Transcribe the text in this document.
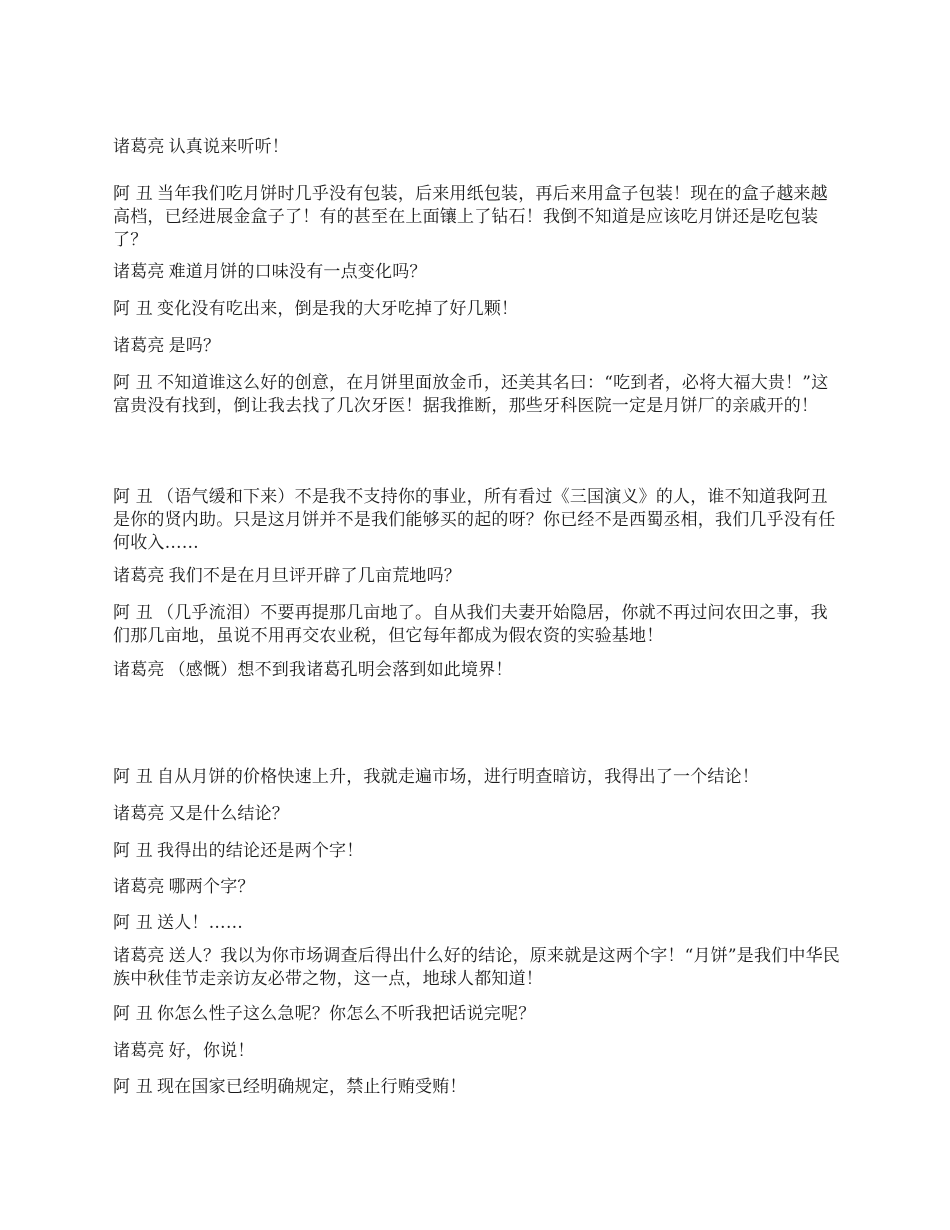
诸葛亮 认真说来听听！

阿 丑 当年我们吃月饼时几乎没有包装，后来用纸包装，再后来用盒子包装！现在的盒子越来越高档，已经进展金盒子了！有的甚至在上面镶上了钻石！我倒不知道是应该吃月饼还是吃包装了？

诸葛亮 难道月饼的口味没有一点变化吗？

阿 丑 变化没有吃出来，倒是我的大牙吃掉了好几颗！

诸葛亮 是吗？

阿 丑 不知道谁这么好的创意，在月饼里面放金币，还美其名曰：“吃到者，必将大福大贵！”这富贵没有找到，倒让我去找了几次牙医！据我推断，那些牙科医院一定是月饼厂的亲戚开的！

阿 丑 （语气缓和下来）不是我不支持你的事业，所有看过《三国演义》的人，谁不知道我阿丑是你的贤内助。只是这月饼并不是我们能够买的起的呀？你已经不是西蜀丞相，我们几乎没有任何收入……

诸葛亮 我们不是在月旦评开辟了几亩荒地吗？

阿 丑 （几乎流泪）不要再提那几亩地了。自从我们夫妻开始隐居，你就不再过问农田之事，我们那几亩地，虽说不用再交农业税，但它每年都成为假农资的实验基地！

诸葛亮 （感慨）想不到我诸葛孔明会落到如此境界！

阿 丑 自从月饼的价格快速上升，我就走遍市场，进行明查暗访，我得出了一个结论！

诸葛亮 又是什么结论？

阿 丑 我得出的结论还是两个字！

诸葛亮 哪两个字？

阿 丑 送人！……

诸葛亮 送人？我以为你市场调查后得出什么好的结论，原来就是这两个字！“月饼”是我们中华民族中秋佳节走亲访友必带之物，这一点，地球人都知道！

阿 丑 你怎么性子这么急呢？你怎么不听我把话说完呢？

诸葛亮 好，你说！

阿 丑 现在国家已经明确规定，禁止行贿受贿！
